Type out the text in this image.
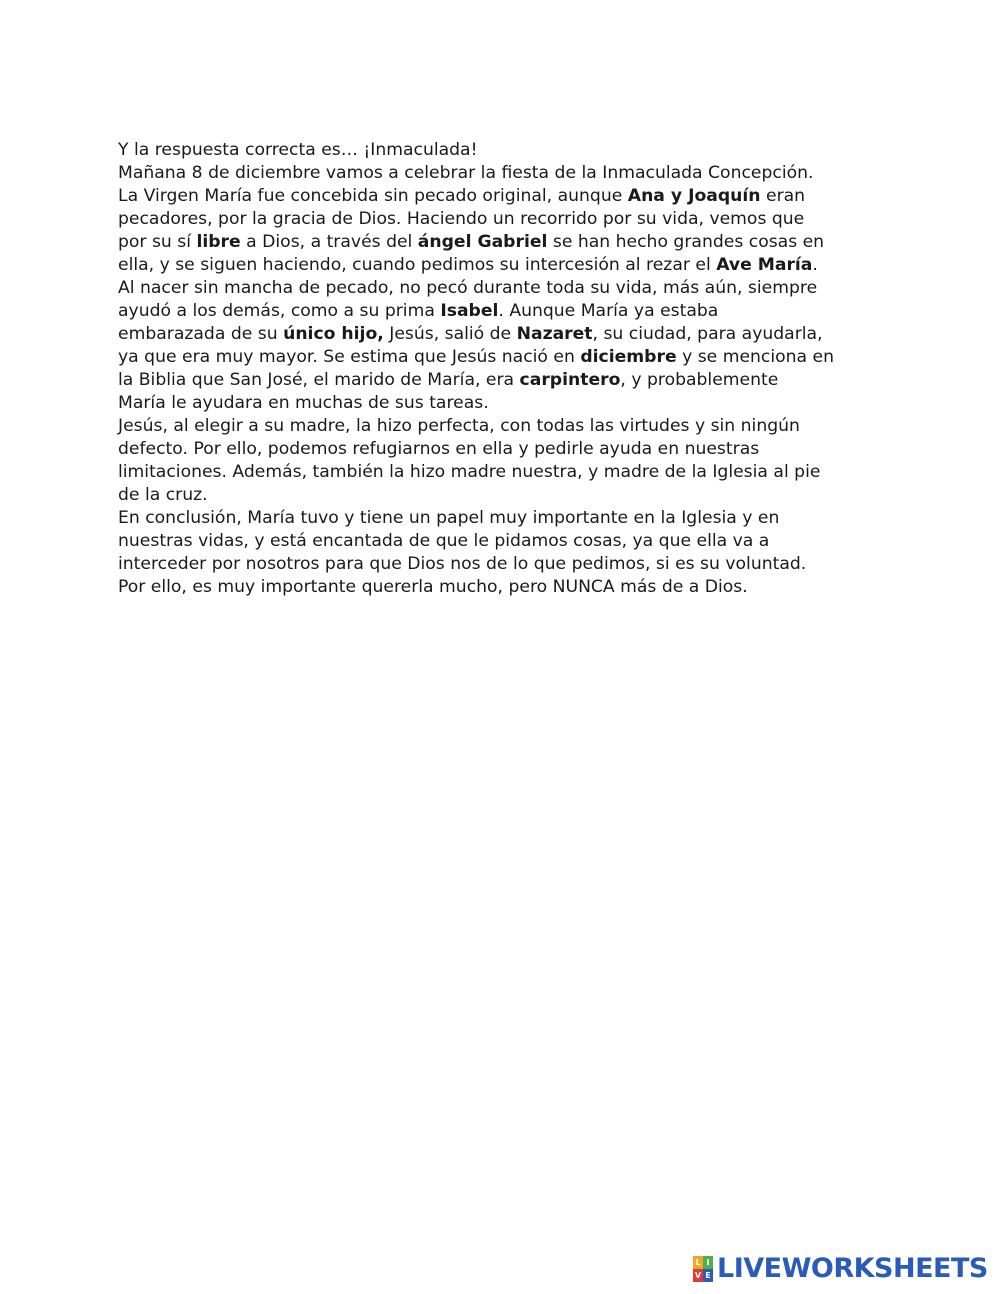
Y la respuesta correcta es… ¡Inmaculada!
Mañana 8 de diciembre vamos a celebrar la fiesta de la Inmaculada Concepción.
La Virgen María fue concebida sin pecado original, aunque Ana y Joaquín eran
pecadores, por la gracia de Dios. Haciendo un recorrido por su vida, vemos que
por su sí libre a Dios, a través del ángel Gabriel se han hecho grandes cosas en
ella, y se siguen haciendo, cuando pedimos su intercesión al rezar el Ave María.
Al nacer sin mancha de pecado, no pecó durante toda su vida, más aún, siempre
ayudó a los demás, como a su prima Isabel. Aunque María ya estaba
embarazada de su único hijo, Jesús, salió de Nazaret, su ciudad, para ayudarla,
ya que era muy mayor. Se estima que Jesús nació en diciembre y se menciona en
la Biblia que San José, el marido de María, era carpintero, y probablemente
María le ayudara en muchas de sus tareas.
Jesús, al elegir a su madre, la hizo perfecta, con todas las virtudes y sin ningún
defecto. Por ello, podemos refugiarnos en ella y pedirle ayuda en nuestras
limitaciones. Además, también la hizo madre nuestra, y madre de la Iglesia al pie
de la cruz.
En conclusión, María tuvo y tiene un papel muy importante en la Iglesia y en
nuestras vidas, y está encantada de que le pidamos cosas, ya que ella va a
interceder por nosotros para que Dios nos de lo que pedimos, si es su voluntad.
Por ello, es muy importante quererla mucho, pero NUNCA más de a Dios.
L I
V E LIVEWORKSHEETS
